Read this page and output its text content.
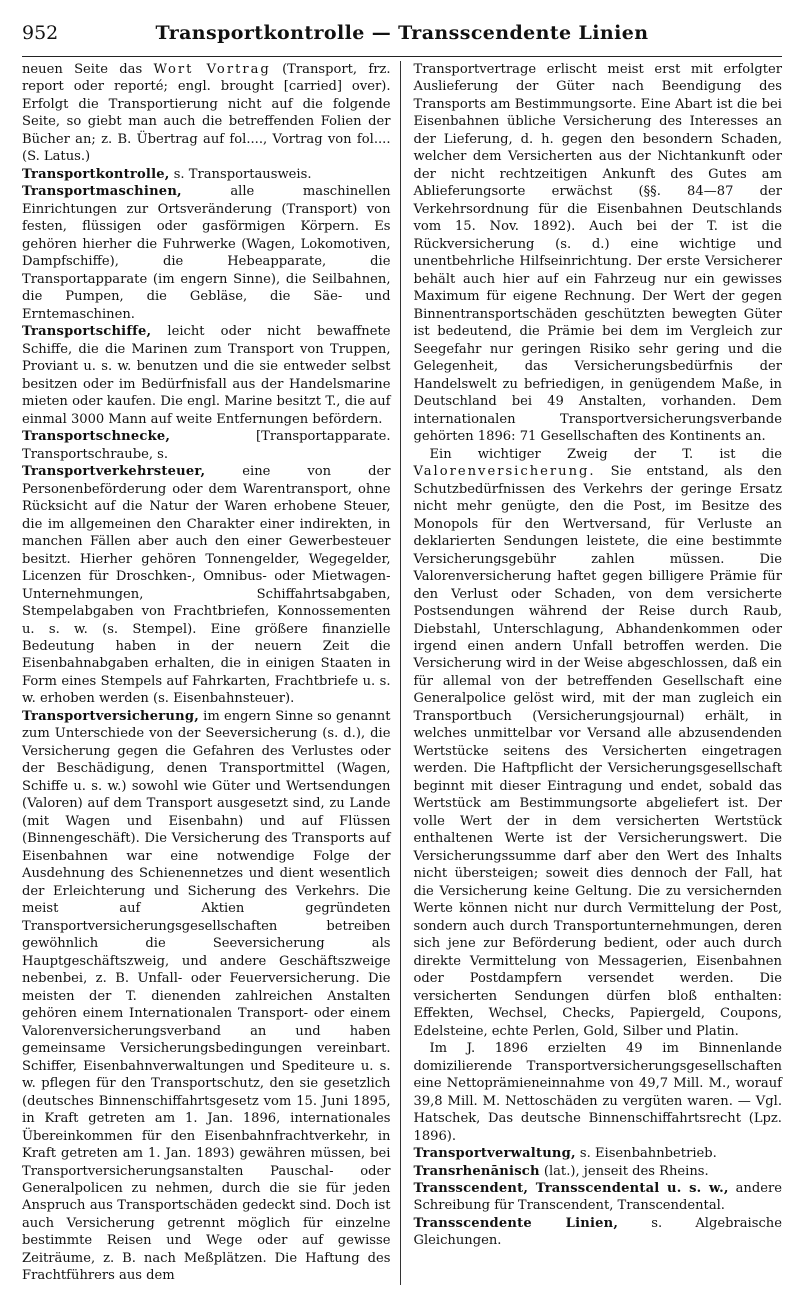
952	Transportkontrolle — Transscendente Linien

neuen Seite das Wort Vortrag (Transport, frz. report oder reporté; engl. brought [carried] over). Erfolgt die Transportierung nicht auf die folgende Seite, so giebt man auch die betreffenden Folien der Bücher an; z. B. Übertrag auf fol...., Vortrag von fol.... (S. Latus.)

Transportkontrolle, s. Transportausweis.

Transportmaschinen, alle maschinellen Einrichtungen zur Ortsveränderung (Transport) von festen, flüssigen oder gasförmigen Körpern. Es gehören hierher die Fuhrwerke (Wagen, Lokomotiven, Dampfschiffe), die Hebeapparate, die Transportapparate (im engern Sinne), die Seilbahnen, die Pumpen, die Gebläse, die Säe- und Erntemaschinen.

Transportschiffe, leicht oder nicht bewaffnete Schiffe, die die Marinen zum Transport von Truppen, Proviant u. s. w. benutzen und die sie entweder selbst besitzen oder im Bedürfnisfall aus der Handelsmarine mieten oder kaufen. Die engl. Marine besitzt T., die auf einmal 3000 Mann auf weite Entfernungen befördern.
[Transportapparate.

Transportschnecke, Transportschraube, s.

Transportverkehrsteuer, eine von der Personenbeförderung oder dem Warentransport, ohne Rücksicht auf die Natur der Waren erhobene Steuer, die im allgemeinen den Charakter einer indirekten, in manchen Fällen aber auch den einer Gewerbesteuer besitzt. Hierher gehören Tonnengelder, Wegegelder, Licenzen für Droschken-, Omnibus- oder Mietwagen-Unternehmungen, Schiffahrtsabgaben, Stempelabgaben von Frachtbriefen, Konnossementen u. s. w. (s. Stempel). Eine größere finanzielle Bedeutung haben in der neuern Zeit die Eisenbahnabgaben erhalten, die in einigen Staaten in Form eines Stempels auf Fahrkarten, Frachtbriefe u. s. w. erhoben werden (s. Eisenbahnsteuer).

Transportversicherung, im engern Sinne so genannt zum Unterschiede von der Seeversicherung (s. d.), die Versicherung gegen die Gefahren des Verlustes oder der Beschädigung, denen Transportmittel (Wagen, Schiffe u. s. w.) sowohl wie Güter und Wertsendungen (Valoren) auf dem Transport ausgesetzt sind, zu Lande (mit Wagen und Eisenbahn) und auf Flüssen (Binnengeschäft). Die Versicherung des Transports auf Eisenbahnen war eine notwendige Folge der Ausdehnung des Schienennetzes und dient wesentlich der Erleichterung und Sicherung des Verkehrs. Die meist auf Aktien gegründeten Transportversicherungsgesellschaften betreiben gewöhnlich die Seeversicherung als Hauptgeschäftszweig, und andere Geschäftszweige nebenbei, z. B. Unfall- oder Feuerversicherung. Die meisten der T. dienenden zahlreichen Anstalten gehören einem Internationalen Transport- oder einem Valorenversicherungsverband an und haben gemeinsame Versicherungsbedingungen vereinbart. Schiffer, Eisenbahnverwaltungen und Spediteure u. s. w. pflegen für den Transportschutz, den sie gesetzlich (deutsches Binnenschiffahrtsgesetz vom 15. Juni 1895, in Kraft getreten am 1. Jan. 1896, internationales Übereinkommen für den Eisenbahnfrachtverkehr, in Kraft getreten am 1. Jan. 1893) gewähren müssen, bei Transportversicherungsanstalten Pauschal- oder Generalpolicen zu nehmen, durch die sie für jeden Anspruch aus Transportschäden gedeckt sind. Doch ist auch Versicherung getrennt möglich für einzelne bestimmte Reisen und Wege oder auf gewisse Zeiträume, z. B. nach Meßplätzen. Die Haftung des Frachtführers aus dem

Transportvertrage erlischt meist erst mit erfolgter Auslieferung der Güter nach Beendigung des Transports am Bestimmungsorte. Eine Abart ist die bei Eisenbahnen übliche Versicherung des Interesses an der Lieferung, d. h. gegen den besondern Schaden, welcher dem Versicherten aus der Nichtankunft oder der nicht rechtzeitigen Ankunft des Gutes am Ablieferungsorte erwächst (§§. 84—87 der Verkehrsordnung für die Eisenbahnen Deutschlands vom 15. Nov. 1892). Auch bei der T. ist die Rückversicherung (s. d.) eine wichtige und unentbehrliche Hilfseinrichtung. Der erste Versicherer behält auch hier auf ein Fahrzeug nur ein gewisses Maximum für eigene Rechnung. Der Wert der gegen Binnentransportschäden geschützten bewegten Güter ist bedeutend, die Prämie bei dem im Vergleich zur Seegefahr nur geringen Risiko sehr gering und die Gelegenheit, das Versicherungsbedürfnis der Handelswelt zu befriedigen, in genügendem Maße, in Deutschland bei 49 Anstalten, vorhanden. Dem internationalen Transportversicherungsverbande gehörten 1896: 71 Gesellschaften des Kontinents an.

Ein wichtiger Zweig der T. ist die Valorenversicherung. Sie entstand, als den Schutzbedürfnissen des Verkehrs der geringe Ersatz nicht mehr genügte, den die Post, im Besitze des Monopols für den Wertversand, für Verluste an deklarierten Sendungen leistete, die eine bestimmte Versicherungsgebühr zahlen müssen. Die Valorenversicherung haftet gegen billigere Prämie für den Verlust oder Schaden, von dem versicherte Postsendungen während der Reise durch Raub, Diebstahl, Unterschlagung, Abhandenkommen oder irgend einen andern Unfall betroffen werden. Die Versicherung wird in der Weise abgeschlossen, daß ein für allemal von der betreffenden Gesellschaft eine Generalpolice gelöst wird, mit der man zugleich ein Transportbuch (Versicherungsjournal) erhält, in welches unmittelbar vor Versand alle abzusendenden Wertstücke seitens des Versicherten eingetragen werden. Die Haftpflicht der Versicherungsgesellschaft beginnt mit dieser Eintragung und endet, sobald das Wertstück am Bestimmungsorte abgeliefert ist. Der volle Wert der in dem versicherten Wertstück enthaltenen Werte ist der Versicherungswert. Die Versicherungssumme darf aber den Wert des Inhalts nicht übersteigen; soweit dies dennoch der Fall, hat die Versicherung keine Geltung. Die zu versichernden Werte können nicht nur durch Vermittelung der Post, sondern auch durch Transportunternehmungen, deren sich jene zur Beförderung bedient, oder auch durch direkte Vermittelung von Messagerien, Eisenbahnen oder Postdampfern versendet werden. Die versicherten Sendungen dürfen bloß enthalten: Effekten, Wechsel, Checks, Papiergeld, Coupons, Edelsteine, echte Perlen, Gold, Silber und Platin.

Im J. 1896 erzielten 49 im Binnenlande domizilierende Transportversicherungsgesellschaften eine Nettoprämieneinnahme von 49,7 Mill. M., worauf 39,8 Mill. M. Nettoschäden zu vergüten waren. — Vgl. Hatschek, Das deutsche Binnenschiffahrtsrecht (Lpz. 1896).

Transportverwaltung, s. Eisenbahnbetrieb.

Transrhenānisch (lat.), jenseit des Rheins.

Transscendent, Transscendental u. s. w., andere Schreibung für Transcendent, Transcendental.

Transscendente Linien, s. Algebraische Gleichungen.
